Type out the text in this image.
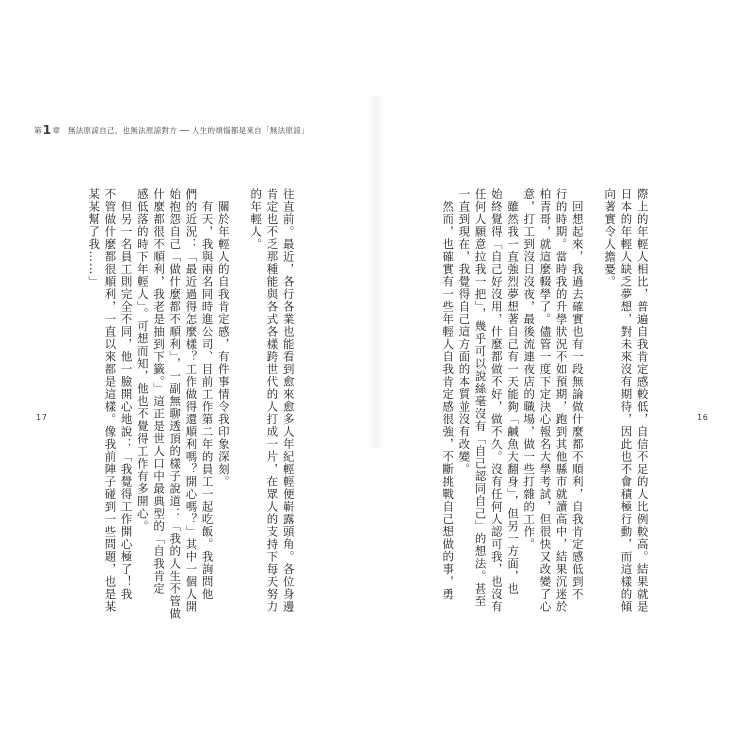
第1章　 無法原諒自己，也無法原諒對方 ── 人生的煩惱都是來自「無法原諒」
往直前。最近，各行各業也能看到愈來愈多人年紀輕輕便嶄露頭角。各位身邊
肯定也不乏那種能與各式各樣跨世代的人打成一片，在眾人的支持下每天努力
的年輕人。

　關於年輕人的自我肯定感，有件事情令我印象深刻。
　有天，我與兩名同時進公司、目前工作第二年的員工一起吃飯。我詢問他
們的近況：「最近過得怎麼樣？工作做得還順利嗎？開心嗎？」其中一個人開
始抱怨自己「做什麼都不順利」，一副無聊透頂的樣子說道：「我的人生不管做
什麼都很不順利，我老是抽到下籤。」這正是世人口中最典型的「自我肯定
感低落的時下年輕人」。可想而知，他也不覺得工作有多開心。
　但另一名員工則完全不同，他一臉開心地說：「我覺得工作開心極了！我
不管做什麼都很順利，一直以來都是這樣。像我前陣子碰到一些問題，也是某
某某幫了我……」	際上的年輕人相比，普遍自我肯定感較低，自信不足的人比例較高。結果就是
日本的年輕人缺乏夢想，對未來沒有期待，因此也不會積極行動，而這樣的傾
向著實令人擔憂。

　回想起來，我過去確實也有一段無論做什麼都不順利，自我肯定感低到不
行的時期。當時我的升學狀況不如預期，跑到其他縣市就讀高中，結果沉迷於
柏青哥，就這麼輟學了。儘管一度下定決心報名大學考試，但很快又改變了心
意，打工到沒日沒夜，最後流連夜店的職場，做一些打雜的工作。
　雖然我一直強烈夢想著自己有一天能夠「鹹魚大翻身」，但另一方面，也
始終覺得「自己好沒用，什麼都做不好，做不久。沒有任何人認可我，也沒有
任何人願意拉我一把」，幾乎可以說絲毫沒有「自己認同自己」的想法。甚至
一直到現在，我覺得自己這方面的本質並沒有改變。
　然而，也確實有一些年輕人自我肯定感很強，不斷挑戰自己想做的事，勇
17	16
